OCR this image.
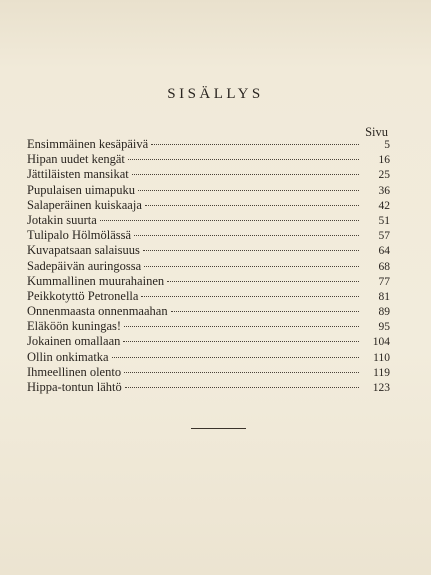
SISÄLLYS
Sivu
Ensimmäinen kesäpäivä	5
Hipan uudet kengät	16
Jättiläisten mansikat	25
Pupulaisen uimapuku	36
Salaperäinen kuiskaaja	42
Jotakin suurta	51
Tulipalo Hölmölässä	57
Kuvapatsaan salaisuus	64
Sadepäivän auringossa	68
Kummallinen muurahainen	77
Peikkotyttö Petronella	81
Onnenmaasta onnenmaahan	89
Eläköön kuningas!	95
Jokainen omallaan	104
Ollin onkimatka	110
Ihmeellinen olento	119
Hippa-tontun lähtö	123
